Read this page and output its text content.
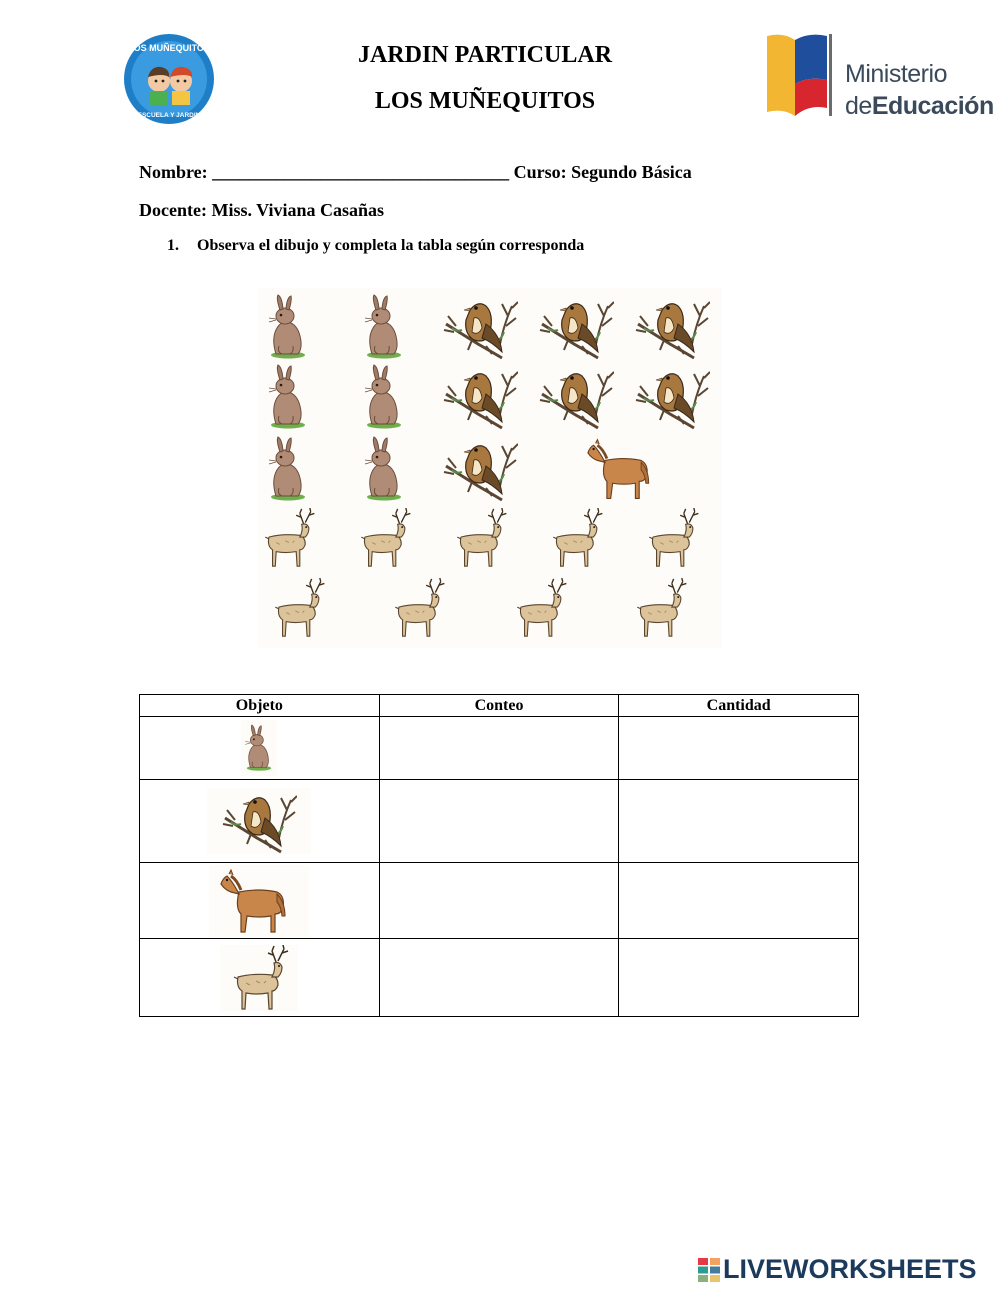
LOS MUÑEQUITOS
ESCUELA Y JARDIN
JARDIN PARTICULAR
LOS MUÑEQUITOS
Ministerio
deEducación
Nombre: _________________________________ Curso: Segundo Básica
Docente: Miss. Viviana Casañas
1. Observa el dibujo y completa la tabla según corresponda
Objeto	Conteo	Cantidad

LIVEWORKSHEETS
